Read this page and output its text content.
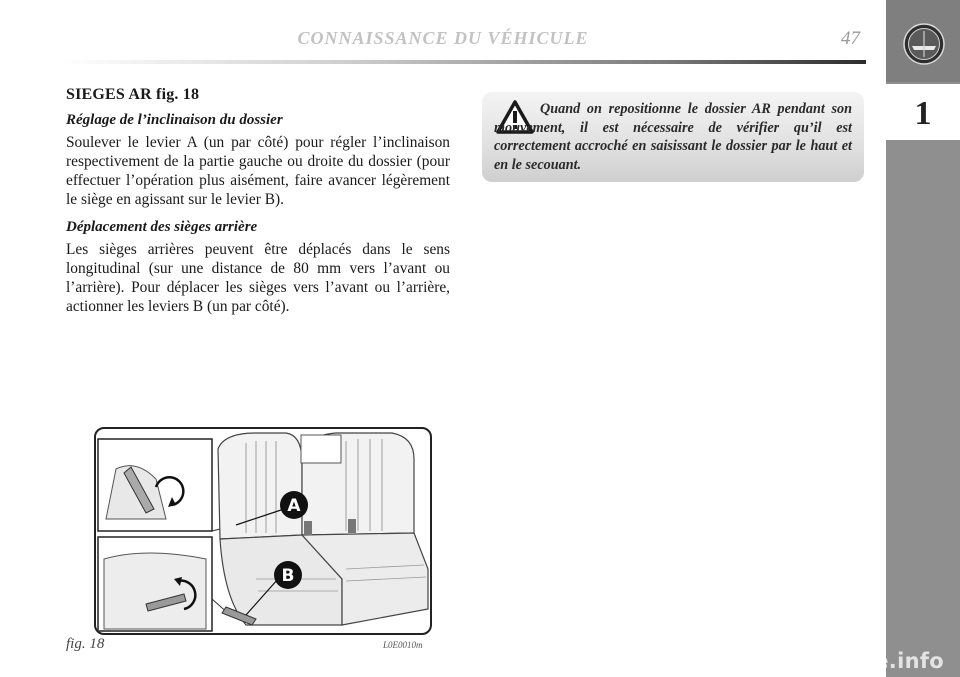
CONNAISSANCE DU VÉHICULE	47
1
SIEGES AR fig. 18
Réglage de l’inclinaison du dossier

Soulever le levier A (un par côté) pour régler l’inclinaison respectivement de la partie gauche ou droite du dossier (pour effectuer l’opération plus aisément, faire avancer légèrement le siège en agissant sur le levier B).

Déplacement des sièges arrière

Les sièges arrières peuvent être déplacés dans le sens longitudinal (sur une distance de 80 mm vers l’avant ou l’arrière). Pour déplacer les sièges vers l’avant ou l’arrière, actionner les leviers B (un par côté).

Quand on repositionne le dossier AR pendant son mouvement, il est nécessaire de vérifier qu’il est correctement accroché en saisissant le dossier par le haut et en le secouant.
A
B
fig. 18	L0E0010m
carmanualsonline.info
